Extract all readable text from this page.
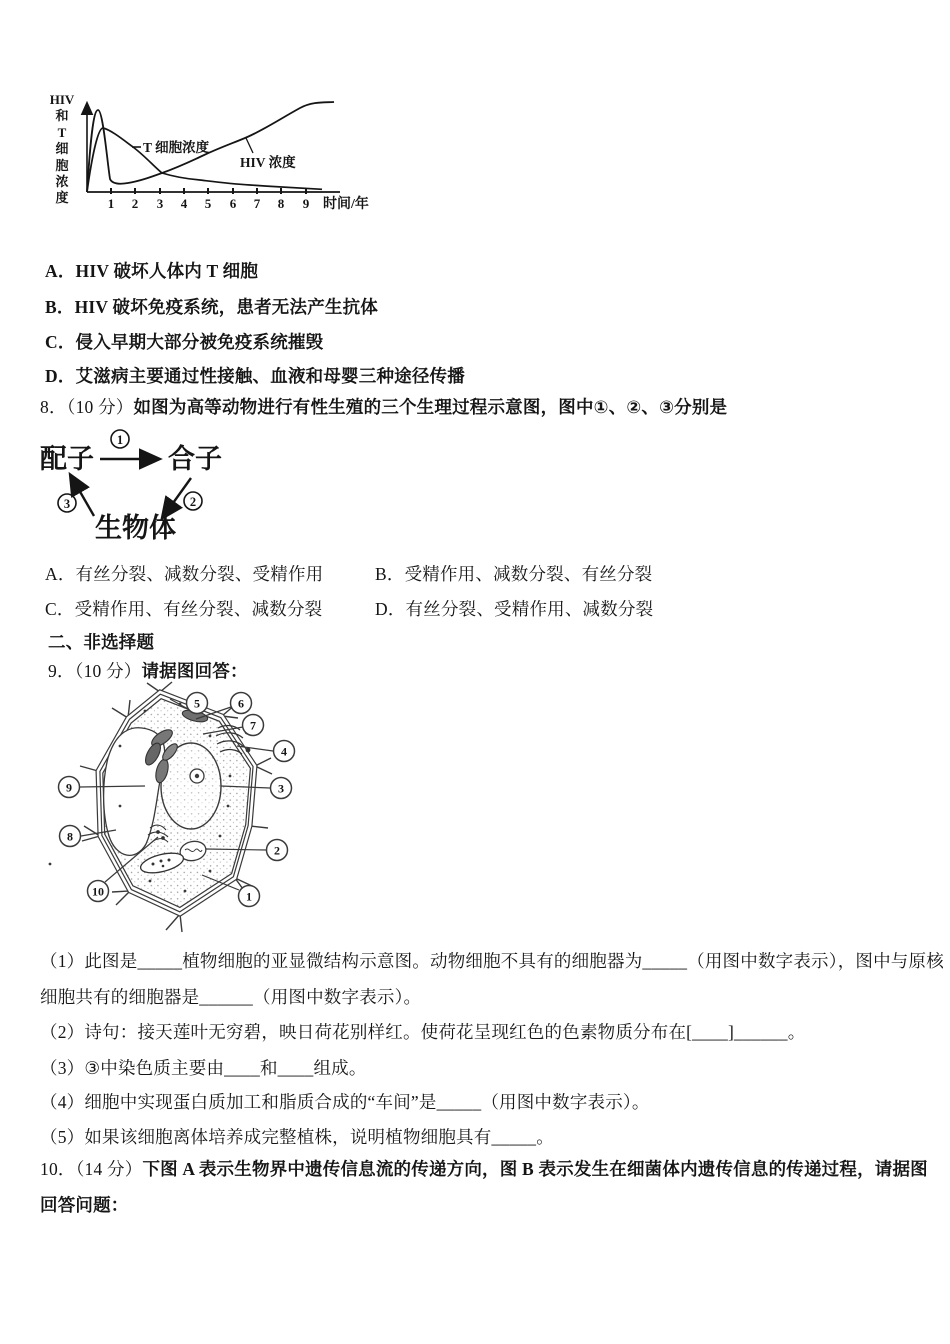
HIV
和
T
细
胞
浓
度	1 2 3 4 5 6 7 8 9 时间/年
T 细胞浓度
HIV 浓度
A．HIV 破坏人体内 T 细胞
B．HIV 破坏免疫系统，患者无法产生抗体
C．侵入早期大部分被免疫系统摧毁
D．艾滋病主要通过性接触、血液和母婴三种途径传播
8．（10 分）如图为高等动物进行有性生殖的三个生理过程示意图，图中①、②、③分别是
配子	合子
生物体
1
2
3
A．有丝分裂、减数分裂、受精作用	B．受精作用、减数分裂、有丝分裂
C．受精作用、有丝分裂、减数分裂	D．有丝分裂、受精作用、减数分裂
二、非选择题
9．（10 分）请据图回答：
5	6
7
4
3
9
8
2
10	1
（1）此图是_____植物细胞的亚显微结构示意图。动物细胞不具有的细胞器为_____（用图中数字表示），图中与原核
细胞共有的细胞器是______（用图中数字表示）。
（2）诗句：接天莲叶无穷碧，映日荷花别样红。使荷花呈现红色的色素物质分布在[____]______。
（3）③中染色质主要由____和____组成。
（4）细胞中实现蛋白质加工和脂质合成的“车间”是_____（用图中数字表示）。
（5）如果该细胞离体培养成完整植株，说明植物细胞具有_____。
10．（14 分）下图 A 表示生物界中遗传信息流的传递方向，图 B 表示发生在细菌体内遗传信息的传递过程，请据图
回答问题：
